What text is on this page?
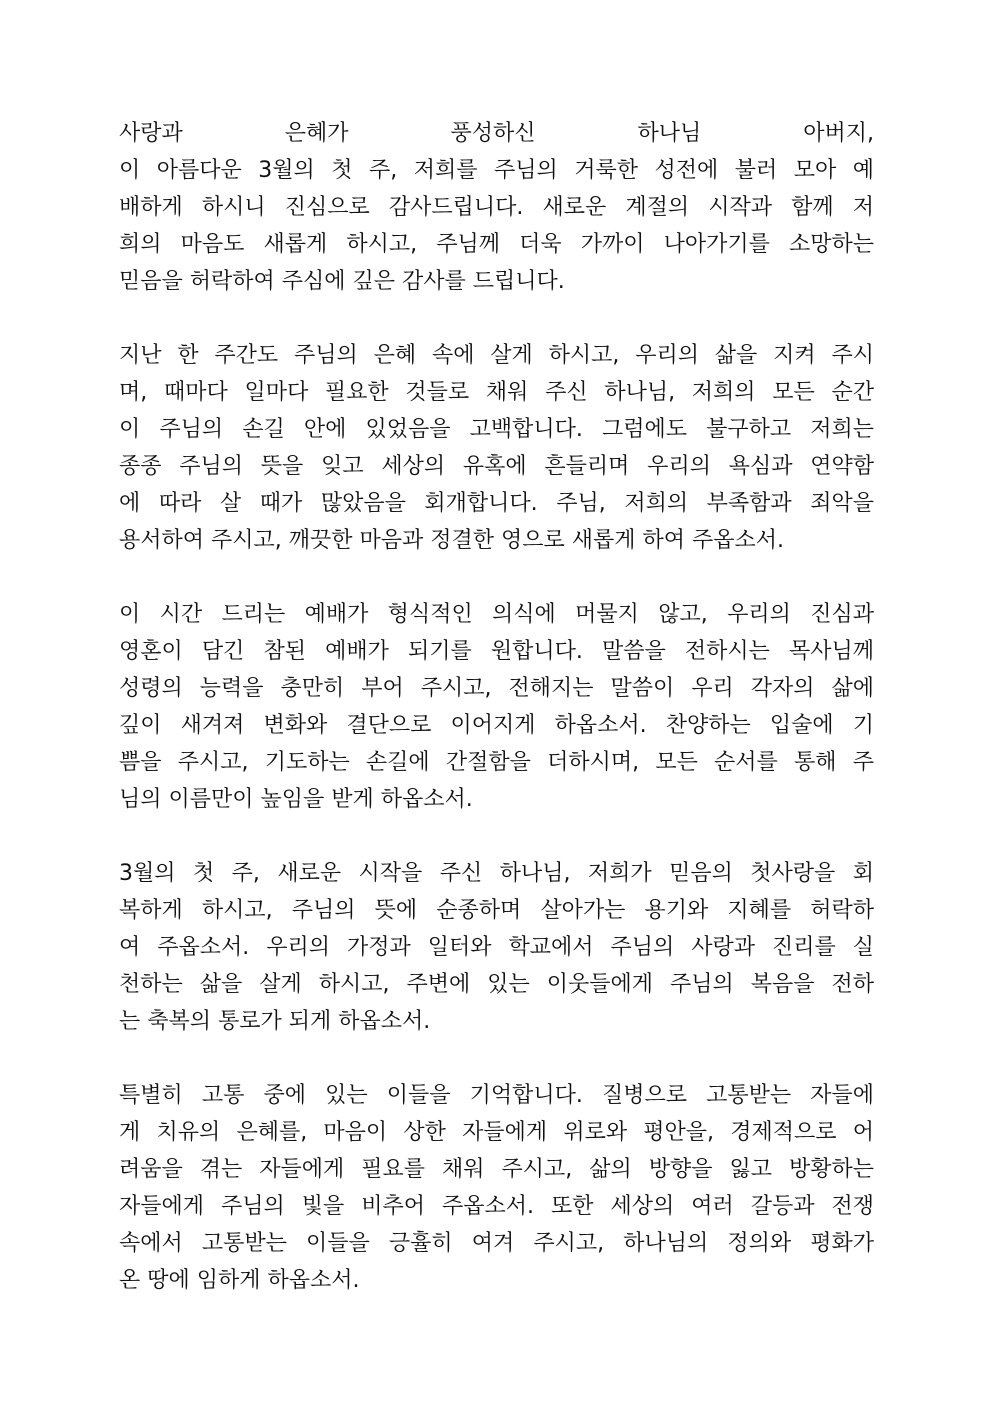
사랑과 은혜가 풍성하신 하나님 아버지,
이 아름다운 3월의 첫 주, 저희를 주님의 거룩한 성전에 불러 모아 예
배하게 하시니 진심으로 감사드립니다. 새로운 계절의 시작과 함께 저
희의 마음도 새롭게 하시고, 주님께 더욱 가까이 나아가기를 소망하는
믿음을 허락하여 주심에 깊은 감사를 드립니다.
지난 한 주간도 주님의 은혜 속에 살게 하시고, 우리의 삶을 지켜 주시
며, 때마다 일마다 필요한 것들로 채워 주신 하나님, 저희의 모든 순간
이 주님의 손길 안에 있었음을 고백합니다. 그럼에도 불구하고 저희는
종종 주님의 뜻을 잊고 세상의 유혹에 흔들리며 우리의 욕심과 연약함
에 따라 살 때가 많았음을 회개합니다. 주님, 저희의 부족함과 죄악을
용서하여 주시고, 깨끗한 마음과 정결한 영으로 새롭게 하여 주옵소서.
이 시간 드리는 예배가 형식적인 의식에 머물지 않고, 우리의 진심과
영혼이 담긴 참된 예배가 되기를 원합니다. 말씀을 전하시는 목사님께
성령의 능력을 충만히 부어 주시고, 전해지는 말씀이 우리 각자의 삶에
깊이 새겨져 변화와 결단으로 이어지게 하옵소서. 찬양하는 입술에 기
쁨을 주시고, 기도하는 손길에 간절함을 더하시며, 모든 순서를 통해 주
님의 이름만이 높임을 받게 하옵소서.
3월의 첫 주, 새로운 시작을 주신 하나님, 저희가 믿음의 첫사랑을 회
복하게 하시고, 주님의 뜻에 순종하며 살아가는 용기와 지혜를 허락하
여 주옵소서. 우리의 가정과 일터와 학교에서 주님의 사랑과 진리를 실
천하는 삶을 살게 하시고, 주변에 있는 이웃들에게 주님의 복음을 전하
는 축복의 통로가 되게 하옵소서.
특별히 고통 중에 있는 이들을 기억합니다. 질병으로 고통받는 자들에
게 치유의 은혜를, 마음이 상한 자들에게 위로와 평안을, 경제적으로 어
려움을 겪는 자들에게 필요를 채워 주시고, 삶의 방향을 잃고 방황하는
자들에게 주님의 빛을 비추어 주옵소서. 또한 세상의 여러 갈등과 전쟁
속에서 고통받는 이들을 긍휼히 여겨 주시고, 하나님의 정의와 평화가
온 땅에 임하게 하옵소서.
